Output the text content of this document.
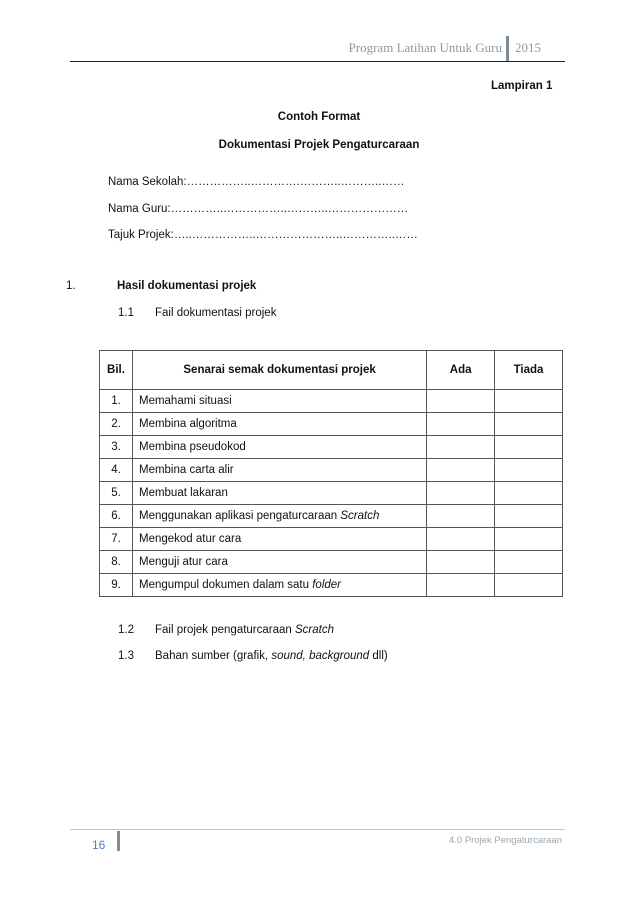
Program Latihan Untuk Guru 2015
Lampiran 1
Contoh Format
Dokumentasi Projek Pengaturcaraan
Nama Sekolah:……………..………….………..………..……
Nama Guru:…………..……………..………..…………………
Tajuk Projek:…..……………..…………………..…………..……
1.	Hasil dokumentasi projek
1.1 Fail dokumentasi projek
Bil.	Senarai semak dokumentasi projek	Ada	Tiada
1.	Memahami situasi		
2.	Membina algoritma		
3.	Membina pseudokod		
4.	Membina carta alir		
5.	Membuat lakaran		
6.	Menggunakan aplikasi pengaturcaraan Scratch		
7.	Mengekod atur cara		
8.	Menguji atur cara		
9.	Mengumpul dokumen dalam satu folder		
1.2 Fail projek pengaturcaraan Scratch
1.3 Bahan sumber (grafik, sound, background dll)
16	4.0 Projek Pengaturcaraan
